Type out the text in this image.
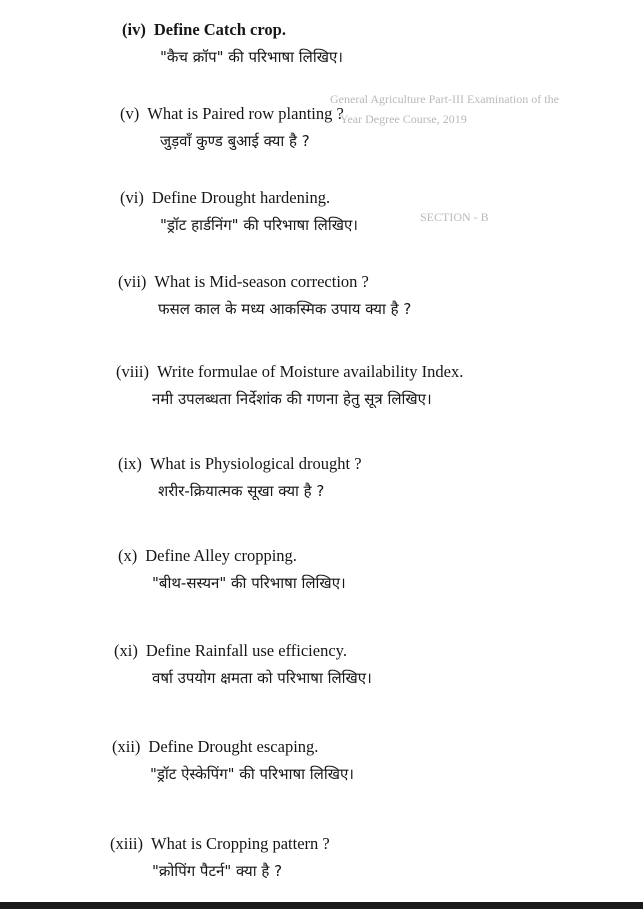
General Agriculture Part-III Examination of the
Year Degree Course, 2019
SECTION - B
(iv) Define Catch crop.
"कैच क्रॉप" की परिभाषा लिखिए।
(v) What is Paired row planting ?
जुड़वाँ कुण्ड बुआई क्या है ?
(vi) Define Drought hardening.
"ड्रॉट हार्डनिंग" की परिभाषा लिखिए।
(vii) What is Mid-season correction ?
फसल काल के मध्य आकस्मिक उपाय क्या है ?
(viii) Write formulae of Moisture availability Index.
नमी उपलब्धता निर्देशांक की गणना हेतु सूत्र लिखिए।
(ix) What is Physiological drought ?
शरीर-क्रियात्मक सूखा क्या है ?
(x) Define Alley cropping.
"बीथ-सस्यन" की परिभाषा लिखिए।
(xi) Define Rainfall use efficiency.
वर्षा उपयोग क्षमता को परिभाषा लिखिए।
(xii) Define Drought escaping.
"ड्रॉट ऐस्केपिंग" की परिभाषा लिखिए।
(xiii) What is Cropping pattern ?
"क्रोपिंग पैटर्न" क्या है ?
